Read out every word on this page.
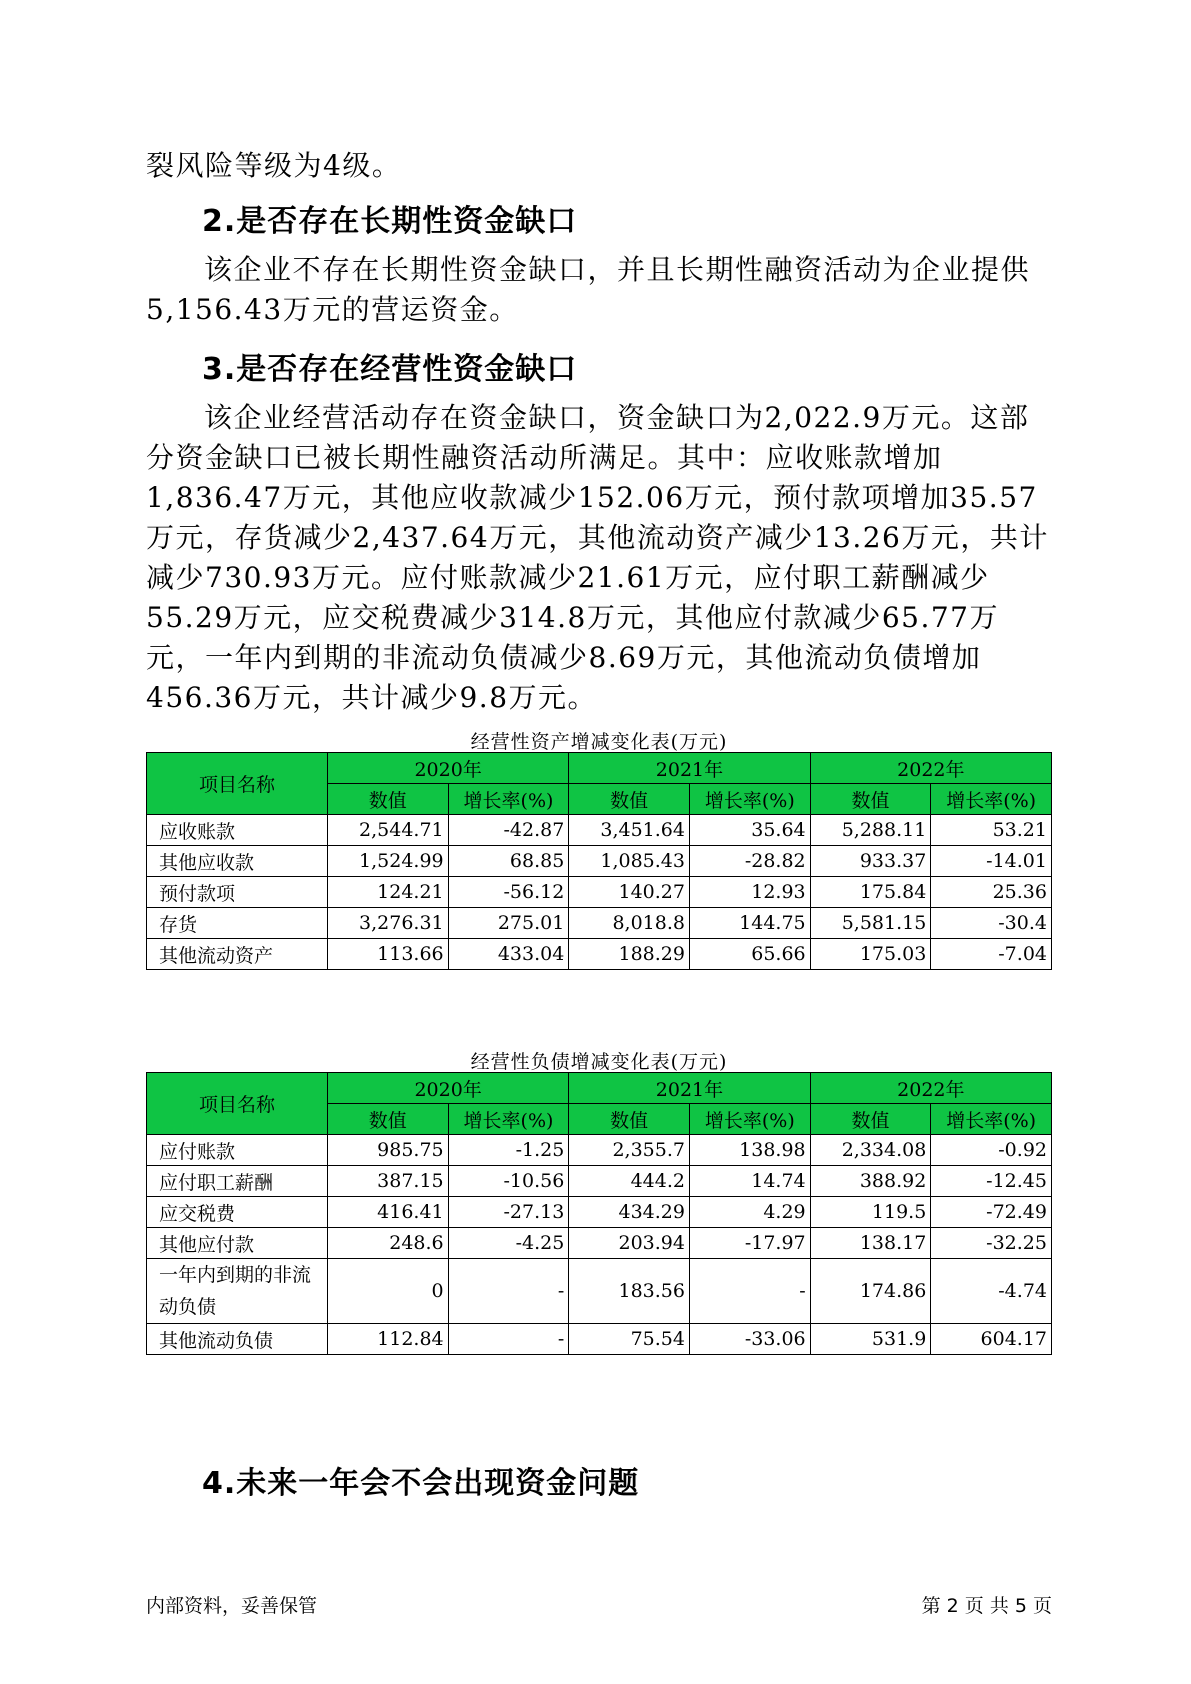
裂风险等级为4级。

2.是否存在长期性资金缺口

该企业不存在长期性资金缺口，并且长期性融资活动为企业提供5,156.43万元的营运资金。

3.是否存在经营性资金缺口

该企业经营活动存在资金缺口，资金缺口为2,022.9万元。这部分资金缺口已被长期性融资活动所满足。其中：应收账款增加1,836.47万元，其他应收款减少152.06万元，预付款项增加35.57万元，存货减少2,437.64万元，其他流动资产减少13.26万元，共计减少730.93万元。应付账款减少21.61万元，应付职工薪酬减少55.29万元，应交税费减少314.8万元，其他应付款减少65.77万元，一年内到期的非流动负债减少8.69万元，其他流动负债增加456.36万元，共计减少9.8万元。

经营性资产增减变化表(万元)
项目名称	2020年		2021年		2022年	
	数值	增长率(%)	数值	增长率(%)	数值	增长率(%)
应收账款	2,544.71	-42.87	3,451.64	35.64	5,288.11	53.21
其他应收款	1,524.99	68.85	1,085.43	-28.82	933.37	-14.01
预付款项	124.21	-56.12	140.27	12.93	175.84	25.36
存货	3,276.31	275.01	8,018.8	144.75	5,581.15	-30.4
其他流动资产	113.66	433.04	188.29	65.66	175.03	-7.04
经营性负债增减变化表(万元)
项目名称	2020年		2021年		2022年	
	数值	增长率(%)	数值	增长率(%)	数值	增长率(%)
应付账款	985.75	-1.25	2,355.7	138.98	2,334.08	-0.92
应付职工薪酬	387.15	-10.56	444.2	14.74	388.92	-12.45
应交税费	416.41	-27.13	434.29	4.29	119.5	-72.49
其他应付款	248.6	-4.25	203.94	-17.97	138.17	-32.25
一年内到期的非流动负债	0	-	183.56	-	174.86	-4.74
其他流动负债	112.84	-	75.54	-33.06	531.9	604.17
4.未来一年会不会出现资金问题
内部资料，妥善保管	第 2 页 共 5 页
